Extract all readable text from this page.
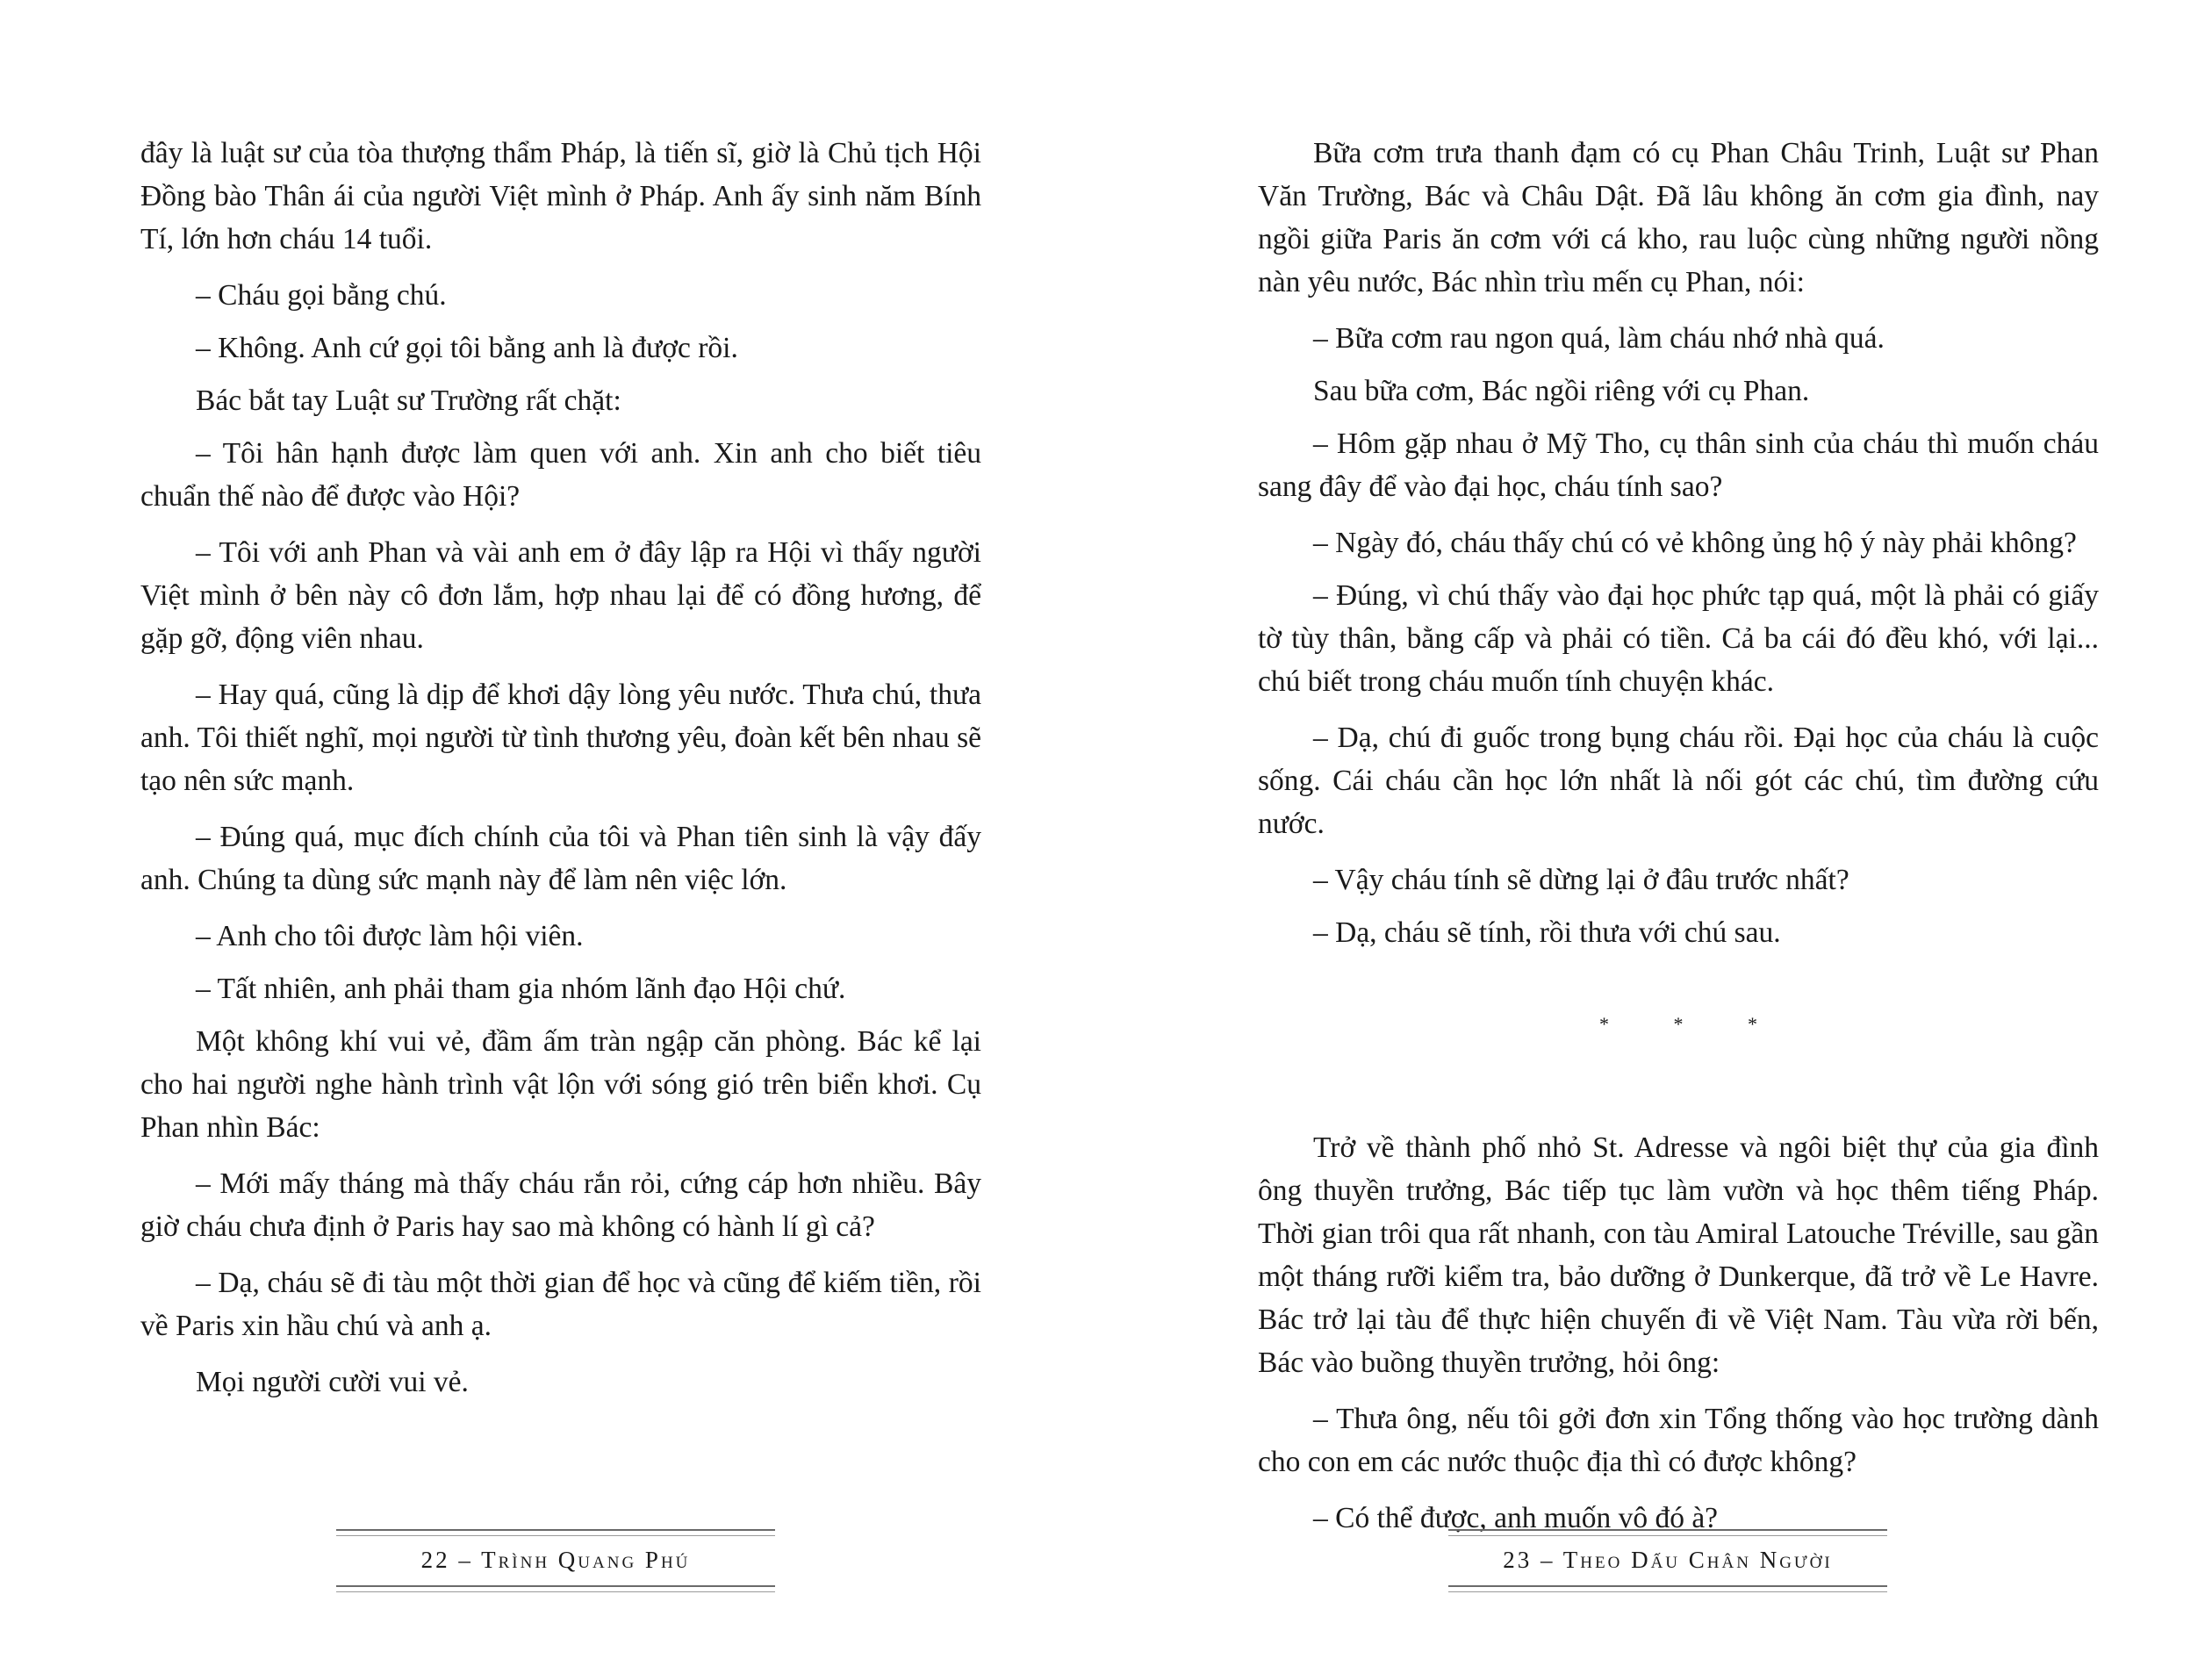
đây là luật sư của tòa thượng thẩm Pháp, là tiến sĩ, giờ là Chủ tịch Hội Đồng bào Thân ái của người Việt mình ở Pháp. Anh ấy sinh năm Bính Tí, lớn hơn cháu 14 tuổi.

– Cháu gọi bằng chú.

– Không. Anh cứ gọi tôi bằng anh là được rồi.

Bác bắt tay Luật sư Trường rất chặt:

– Tôi hân hạnh được làm quen với anh. Xin anh cho biết tiêu chuẩn thế nào để được vào Hội?

– Tôi với anh Phan và vài anh em ở đây lập ra Hội vì thấy người Việt mình ở bên này cô đơn lắm, hợp nhau lại để có đồng hương, để gặp gỡ, động viên nhau.

– Hay quá, cũng là dịp để khơi dậy lòng yêu nước. Thưa chú, thưa anh. Tôi thiết nghĩ, mọi người từ tình thương yêu, đoàn kết bên nhau sẽ tạo nên sức mạnh.

– Đúng quá, mục đích chính của tôi và Phan tiên sinh là vậy đấy anh. Chúng ta dùng sức mạnh này để làm nên việc lớn.

– Anh cho tôi được làm hội viên.

– Tất nhiên, anh phải tham gia nhóm lãnh đạo Hội chứ.

Một không khí vui vẻ, đầm ấm tràn ngập căn phòng. Bác kể lại cho hai người nghe hành trình vật lộn với sóng gió trên biển khơi. Cụ Phan nhìn Bác:

– Mới mấy tháng mà thấy cháu rắn rỏi, cứng cáp hơn nhiều. Bây giờ cháu chưa định ở Paris hay sao mà không có hành lí gì cả?

– Dạ, cháu sẽ đi tàu một thời gian để học và cũng để kiếm tiền, rồi về Paris xin hầu chú và anh ạ.

Mọi người cười vui vẻ.

22 – Trình Quang Phú

Bữa cơm trưa thanh đạm có cụ Phan Châu Trinh, Luật sư Phan Văn Trường, Bác và Châu Dật. Đã lâu không ăn cơm gia đình, nay ngồi giữa Paris ăn cơm với cá kho, rau luộc cùng những người nồng nàn yêu nước, Bác nhìn trìu mến cụ Phan, nói:

– Bữa cơm rau ngon quá, làm cháu nhớ nhà quá.

Sau bữa cơm, Bác ngồi riêng với cụ Phan.

– Hôm gặp nhau ở Mỹ Tho, cụ thân sinh của cháu thì muốn cháu sang đây để vào đại học, cháu tính sao?

– Ngày đó, cháu thấy chú có vẻ không ủng hộ ý này phải không?

– Đúng, vì chú thấy vào đại học phức tạp quá, một là phải có giấy tờ tùy thân, bằng cấp và phải có tiền. Cả ba cái đó đều khó, với lại... chú biết trong cháu muốn tính chuyện khác.

– Dạ, chú đi guốc trong bụng cháu rồi. Đại học của cháu là cuộc sống. Cái cháu cần học lớn nhất là nối gót các chú, tìm đường cứu nước.

– Vậy cháu tính sẽ dừng lại ở đâu trước nhất?

– Dạ, cháu sẽ tính, rồi thưa với chú sau.

* * *

Trở về thành phố nhỏ St. Adresse và ngôi biệt thự của gia đình ông thuyền trưởng, Bác tiếp tục làm vườn và học thêm tiếng Pháp. Thời gian trôi qua rất nhanh, con tàu Amiral Latouche Tréville, sau gần một tháng rưỡi kiểm tra, bảo dưỡng ở Dunkerque, đã trở về Le Havre. Bác trở lại tàu để thực hiện chuyến đi về Việt Nam. Tàu vừa rời bến, Bác vào buồng thuyền trưởng, hỏi ông:

– Thưa ông, nếu tôi gởi đơn xin Tổng thống vào học trường dành cho con em các nước thuộc địa thì có được không?

– Có thể được, anh muốn vô đó à?

23 – Theo Dấu Chân Người
